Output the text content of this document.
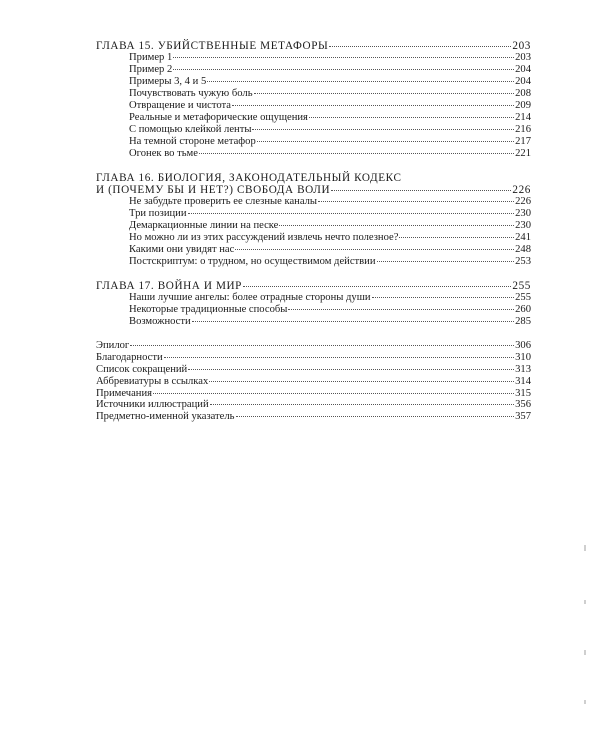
ГЛАВА 15. УБИЙСТВЕННЫЕ МЕТАФОРЫ	203
Пример 1	203
Пример 2	204
Примеры 3, 4 и 5	204
Почувствовать чужую боль	208
Отвращение и чистота	209
Реальные и метафорические ощущения	214
С помощью клейкой ленты	216
На темной стороне метафор	217
Огонек во тьме	221
ГЛАВА 16. БИОЛОГИЯ, ЗАКОНОДАТЕЛЬНЫЙ КОДЕКС
И (ПОЧЕМУ БЫ И НЕТ?) СВОБОДА ВОЛИ	226
Не забудьте проверить ее слезные каналы	226
Три позиции	230
Демаркационные линии на песке	230
Но можно ли из этих рассуждений извлечь нечто полезное?	241
Какими они увидят нас	248
Постскриптум: о трудном, но осуществимом действии	253
ГЛАВА 17. ВОЙНА И МИР	255
Наши лучшие ангелы: более отрадные стороны души	255
Некоторые традиционные способы	260
Возможности	285
Эпилог	306
Благодарности	310
Список сокращений	313
Аббревиатуры в ссылках	314
Примечания	315
Источники иллюстраций	356
Предметно-именной указатель	357
